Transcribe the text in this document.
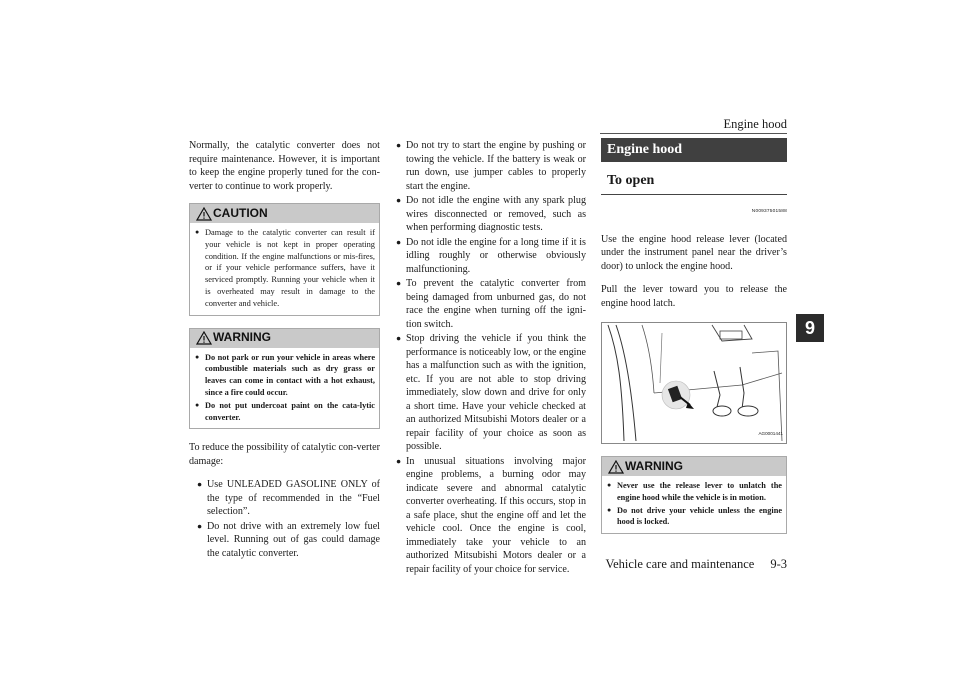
Engine hood
9
Vehicle care and maintenance 9-3

Normally, the catalytic converter does not require maintenance. However, it is important to keep the engine properly tuned for the con-verter to continue to work properly.

CAUTION
● Damage to the catalytic converter can result if your vehicle is not kept in proper operating condition. If the engine malfunctions or mis-fires, or if your vehicle performance suffers, have it serviced promptly. Running your vehicle when it is overheated may result in damage to the converter and vehicle.
WARNING
● Do not park or run your vehicle in areas where combustible materials such as dry grass or leaves can come in contact with a hot exhaust, since a fire could occur.
● Do not put undercoat paint on the cata-lytic converter.

To reduce the possibility of catalytic con-verter damage:

● Use UNLEADED GASOLINE ONLY of the type of recommended in the “Fuel selection”.
● Do not drive with an extremely low fuel level. Running out of gas could damage the catalytic converter.
● Do not try to start the engine by pushing or towing the vehicle. If the battery is weak or run down, use jumper cables to properly start the engine.
● Do not idle the engine with any spark plug wires disconnected or removed, such as when performing diagnostic tests.
● Do not idle the engine for a long time if it is idling roughly or otherwise obviously malfunctioning.
● To prevent the catalytic converter from being damaged from unburned gas, do not race the engine when turning off the igni-tion switch.
● Stop driving the vehicle if you think the performance is noticeably low, or the engine has a malfunction such as with the ignition, etc. If you are not able to stop driving immediately, slow down and drive for only a short time. Have your vehicle checked at an authorized Mitsubishi Motors dealer or a repair facility of your choice as soon as possible.
● In unusual situations involving major engine problems, a burning odor may indicate severe and abnormal catalytic converter overheating. If this occurs, stop in a safe place, shut the engine off and let the vehicle cool. Once the engine is cool, immediately take your vehicle to an authorized Mitsubishi Motors dealer or a repair facility of your choice for service.
Engine hood
To open
N00937501588

Use the engine hood release lever (located under the instrument panel near the driver’s door) to unlock the engine hood.

Pull the lever toward you to release the engine hood latch.

AG0001441
WARNING
● Never use the release lever to unlatch the engine hood while the vehicle is in motion.
● Do not drive your vehicle unless the engine hood is locked.
